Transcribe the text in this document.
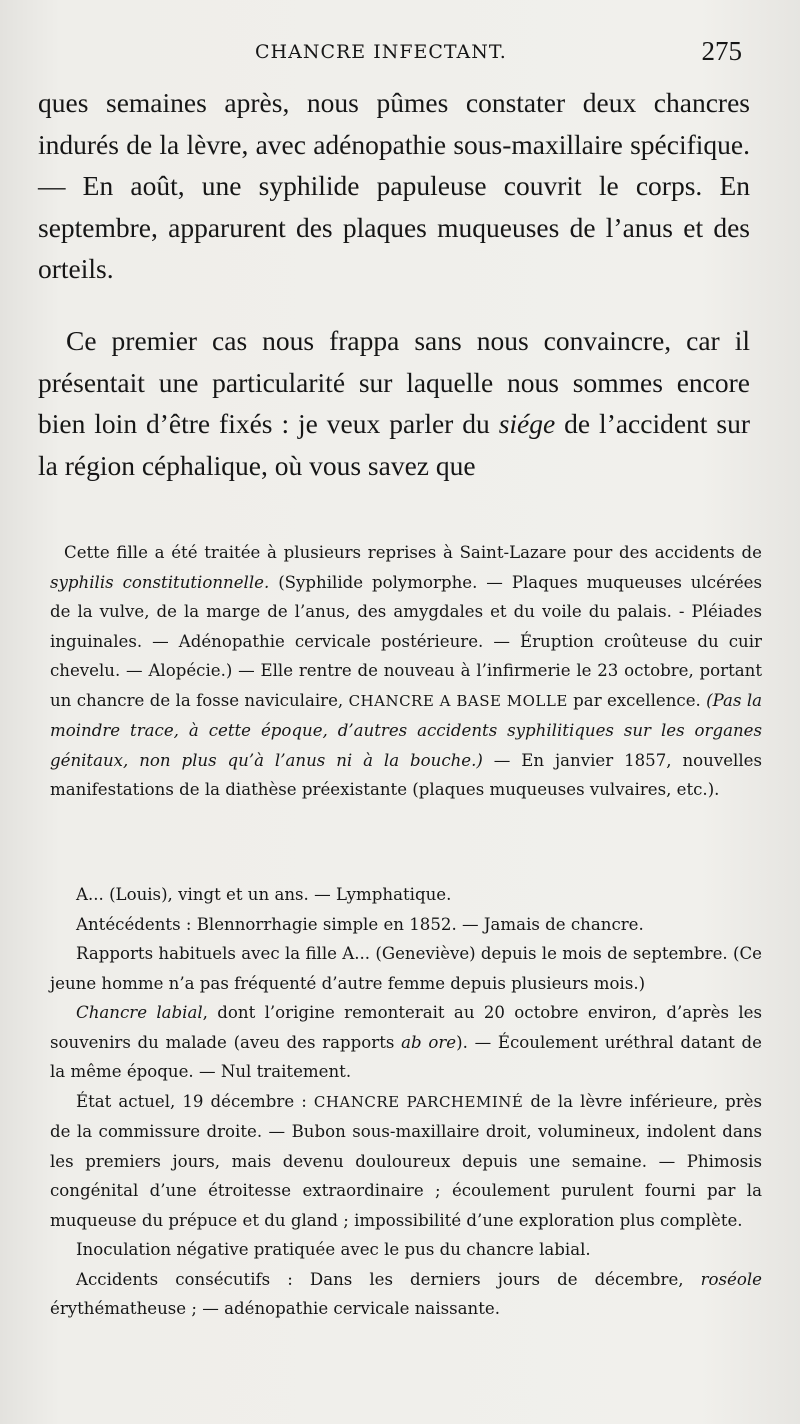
CHANCRE INFECTANT.	275

ques semaines après, nous pûmes constater deux chancres indurés de la lèvre, avec adénopathie sous-maxillaire spécifique. — En août, une syphilide papuleuse couvrit le corps. En septembre, apparurent des plaques muqueuses de l’anus et des orteils.

Ce premier cas nous frappa sans nous convaincre, car il présentait une particularité sur laquelle nous sommes encore bien loin d’être fixés : je veux parler du siége de l’accident sur la région céphalique, où vous savez que

Cette fille a été traitée à plusieurs reprises à Saint-Lazare pour des accidents de syphilis constitutionnelle. (Syphilide polymorphe. — Plaques muqueuses ulcérées de la vulve, de la marge de l’anus, des amygdales et du voile du palais. - Pléiades inguinales. — Adénopathie cervicale postérieure. — Éruption croûteuse du cuir chevelu. — Alopécie.) — Elle rentre de nouveau à l’infirmerie le 23 octobre, portant un chancre de la fosse naviculaire, CHANCRE A BASE MOLLE par excellence. (Pas la moindre trace, à cette époque, d’autres accidents syphilitiques sur les organes génitaux, non plus qu’à l’anus ni à la bouche.) — En janvier 1857, nouvelles manifestations de la diathèse préexistante (plaques muqueuses vulvaires, etc.).

A... (Louis), vingt et un ans. — Lymphatique.

Antécédents : Blennorrhagie simple en 1852. — Jamais de chancre.

Rapports habituels avec la fille A... (Geneviève) depuis le mois de septembre. (Ce jeune homme n’a pas fréquenté d’autre femme depuis plusieurs mois.)

Chancre labial, dont l’origine remonterait au 20 octobre environ, d’après les souvenirs du malade (aveu des rapports ab ore). — Écoulement uréthral datant de la même époque. — Nul traitement.

État actuel, 19 décembre : CHANCRE PARCHEMINÉ de la lèvre inférieure, près de la commissure droite. — Bubon sous-maxillaire droit, volumineux, indolent dans les premiers jours, mais devenu douloureux depuis une semaine. — Phimosis congénital d’une étroitesse extraordinaire ; écoulement purulent fourni par la muqueuse du prépuce et du gland ; impossibilité d’une exploration plus complète.

Inoculation négative pratiquée avec le pus du chancre labial.

Accidents consécutifs : Dans les derniers jours de décembre, roséole érythématheuse ; — adénopathie cervicale naissante.
